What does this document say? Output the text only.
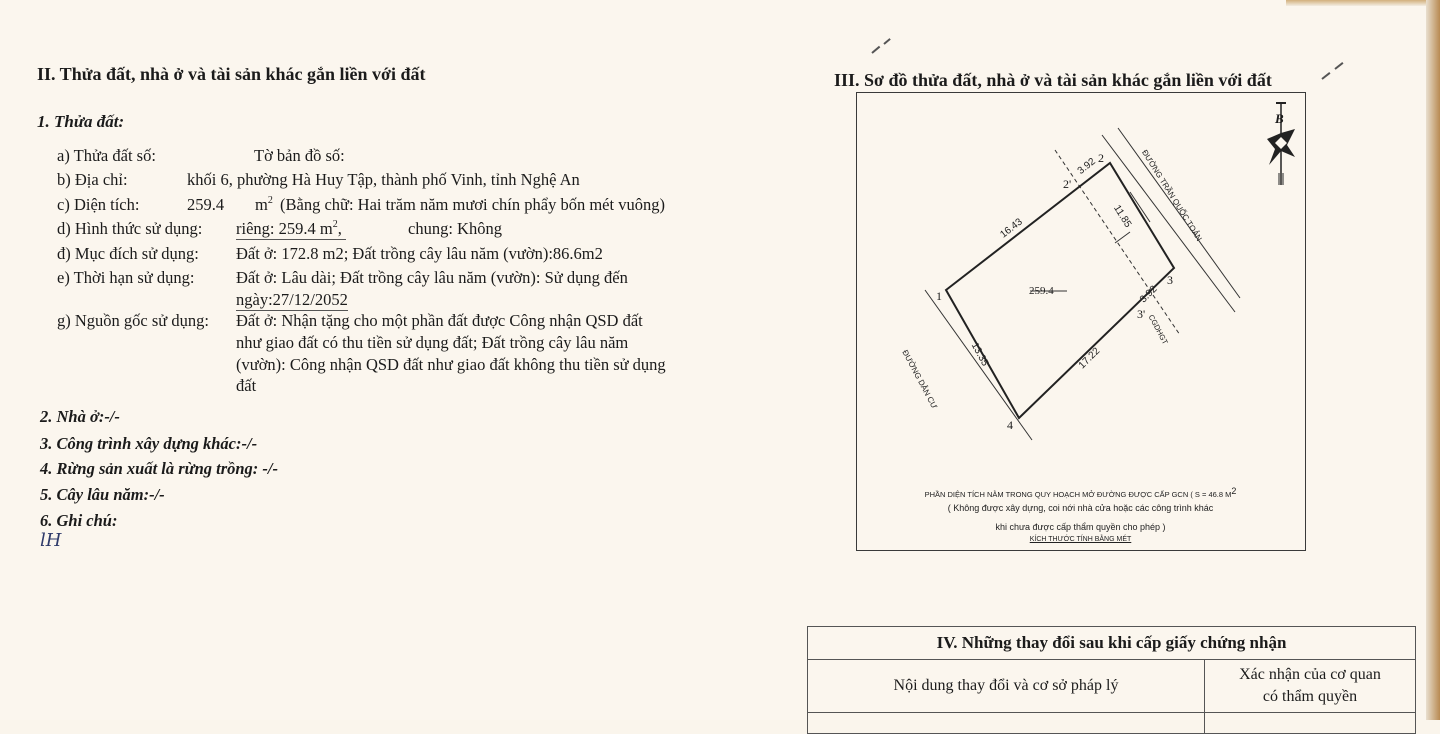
II. Thửa đất, nhà ở và tài sản khác gắn liền với đất
1. Thửa đất:
a) Thửa đất số:	Tờ bản đồ số:
b) Địa chỉ:	khối 6, phường Hà Huy Tập, thành phố Vinh, tỉnh Nghệ An
c) Diện tích:	259.4 $m^2$ (Bằng chữ: Hai trăm năm mươi chín phẩy bốn mét vuông)
d) Hình thức sử dụng: riêng: 259.4 $m^2$,	chung: Không
đ) Mục đích sử dụng: Đất ở: 172.8 m2; Đất trồng cây lâu năm (vườn):86.6m2
e) Thời hạn sử dụng:	Đất ở: Lâu dài; Đất trồng cây lâu năm (vườn): Sử dụng đến
ngày:27/12/2052
g) Nguồn gốc sử dụng: Đất ở: Nhận tặng cho một phần đất được Công nhận QSD đất
như giao đất có thu tiền sử dụng đất; Đất trồng cây lâu năm
(vườn): Công nhận QSD đất như giao đất không thu tiền sử dụng
đất
2. Nhà ở:-/-
3. Công trình xây dựng khác:-/-
4. Rừng sản xuất là rừng trồng: -/-
5. Cây lâu năm:-/-
6. Ghi chú:
lH
III. Sơ đồ thửa đất, nhà ở và tài sản khác gắn liền với đất
B
259.4
1
2
2'
3
3'
4
16.43
3.92
11.85
3.92
17.22
13.35
ĐƯỜNG TRẦN QUỐC TOẢN
ĐƯỜNG DÂN CƯ
CGDHGT
PHẦN DIỆN TÍCH NẰM TRONG QUY HOẠCH MỞ ĐƯỜNG ĐƯỢC CẤP GCN ( S = 46.8 M2
( Không được xây dựng, coi nới nhà cửa hoặc các công trình khác
khi chưa được cấp thẩm quyền cho phép )
KÍCH THƯỚC TÍNH BẰNG MÉT
IV. Những thay đổi sau khi cấp giấy chứng nhận	
Nội dung thay đổi và cơ sở pháp lý	Xác nhận của cơ quan
có thẩm quyền
